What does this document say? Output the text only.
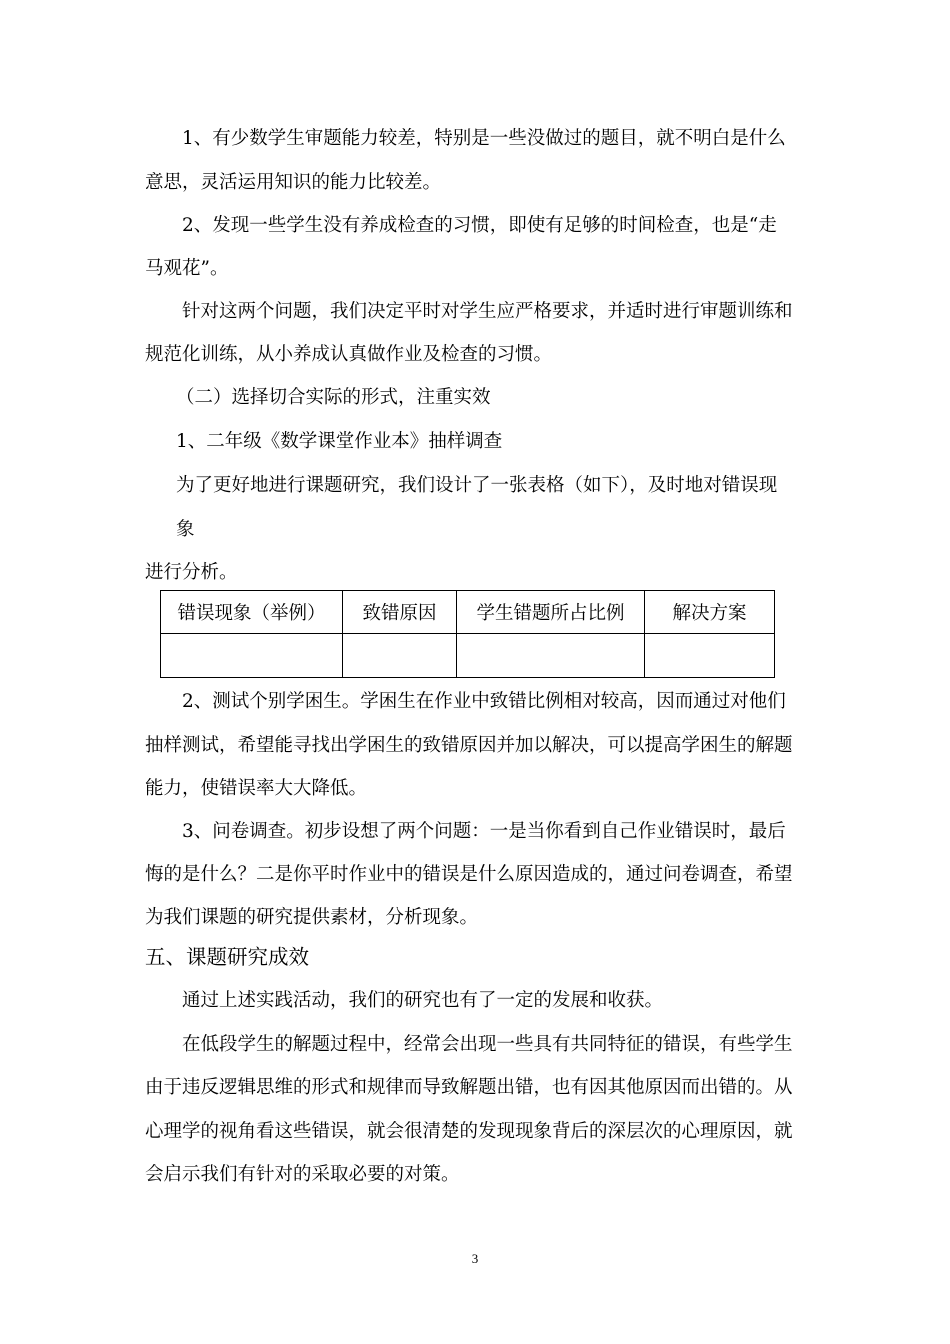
1、有少数学生审题能力较差，特别是一些没做过的题目，就不明白是什么
意思，灵活运用知识的能力比较差。
2、发现一些学生没有养成检查的习惯，即使有足够的时间检查，也是“走
马观花”。
针对这两个问题，我们决定平时对学生应严格要求，并适时进行审题训练和
规范化训练，从小养成认真做作业及检查的习惯。
（二）选择切合实际的形式，注重实效
1、二年级《数学课堂作业本》抽样调查
为了更好地进行课题研究，我们设计了一张表格（如下），及时地对错误现
象
进行分析。
错误现象（举例）	致错原因	学生错题所占比例	解决方案

2、测试个别学困生。学困生在作业中致错比例相对较高，因而通过对他们
抽样测试，希望能寻找出学困生的致错原因并加以解决，可以提高学困生的解题
能力，使错误率大大降低。
3、问卷调查。初步设想了两个问题：一是当你看到自己作业错误时，最后
悔的是什么？二是你平时作业中的错误是什么原因造成的，通过问卷调查，希望
为我们课题的研究提供素材，分析现象。
五、课题研究成效
通过上述实践活动，我们的研究也有了一定的发展和收获。
在低段学生的解题过程中，经常会出现一些具有共同特征的错误，有些学生
由于违反逻辑思维的形式和规律而导致解题出错，也有因其他原因而出错的。从
心理学的视角看这些错误，就会很清楚的发现现象背后的深层次的心理原因，就
会启示我们有针对的采取必要的对策。
3
